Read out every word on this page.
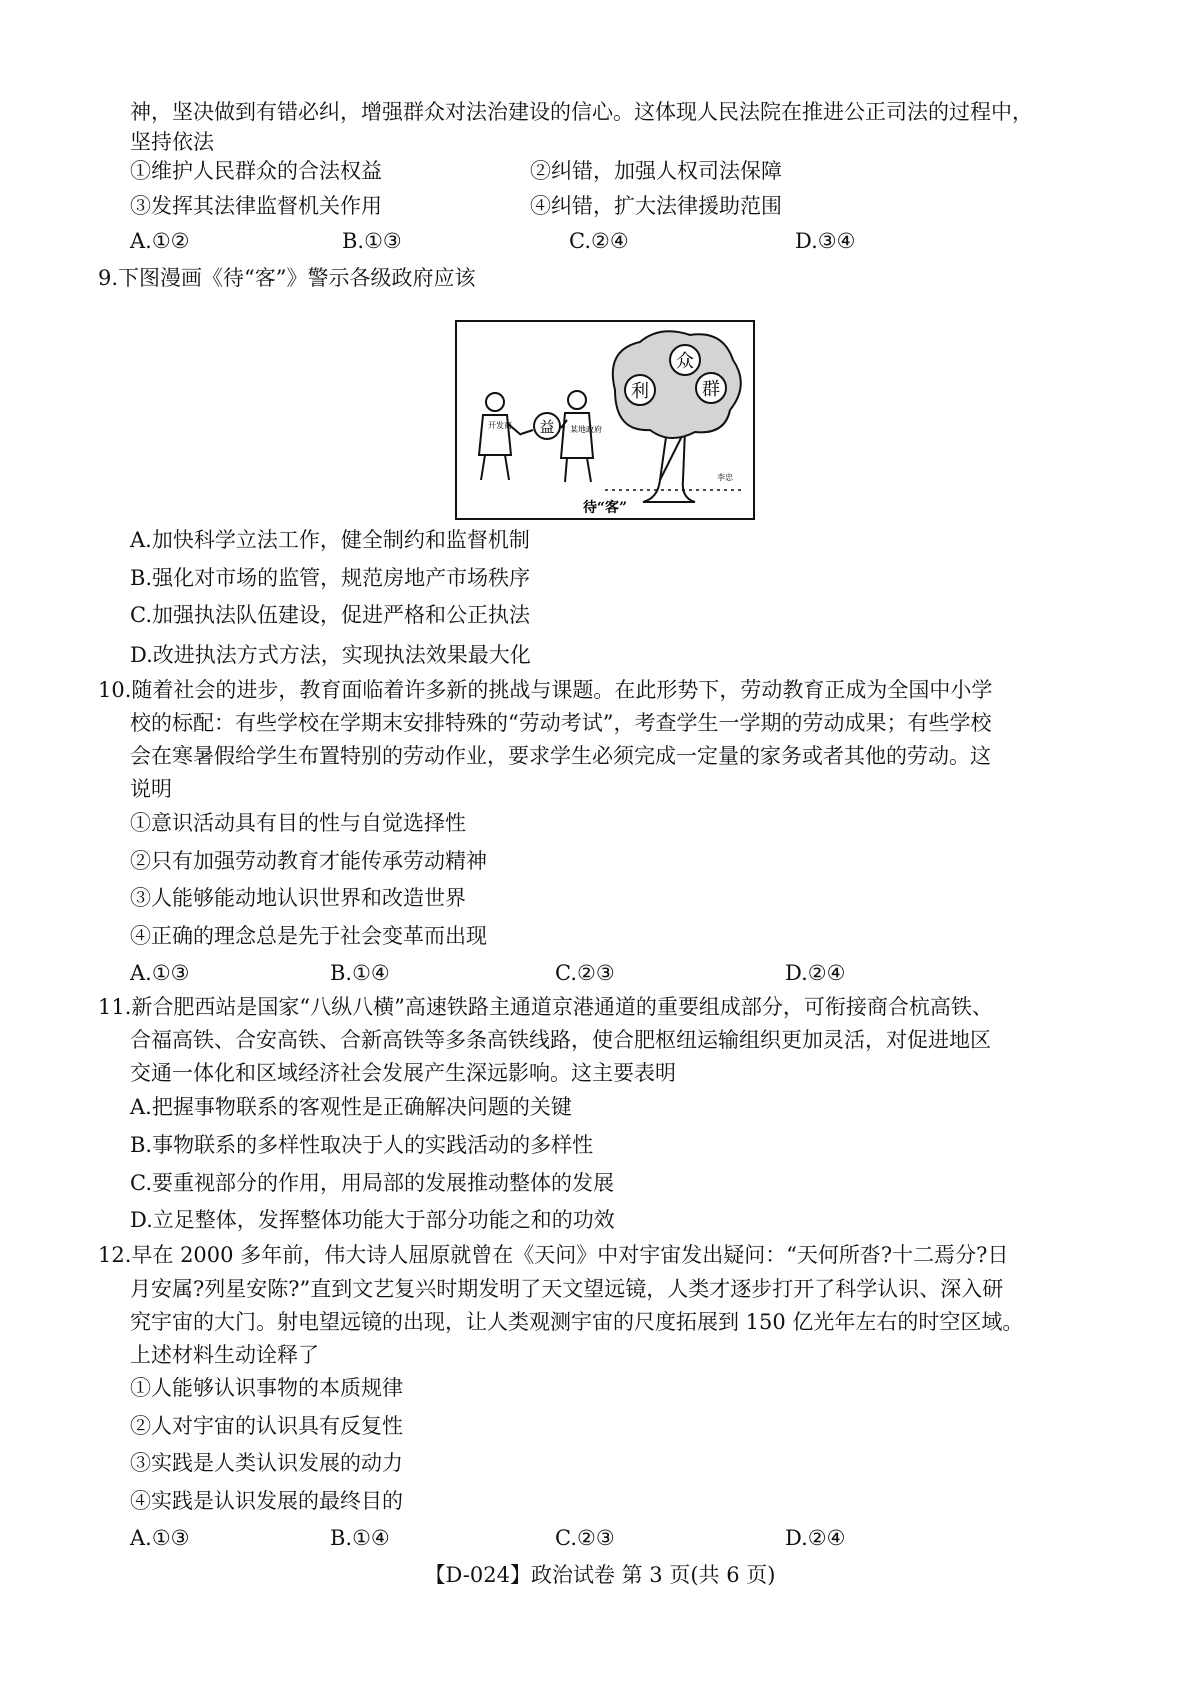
神，坚决做到有错必纠，增强群众对法治建设的信心。这体现人民法院在推进公正司法的过程中，
坚持依法
①维护人民群众的合法权益	②纠错，加强人权司法保障
③发挥其法律监督机关作用	④纠错，扩大法律援助范围
A.①②	B.①③	C.②④	D.③④
9.下图漫画《待“客”》警示各级政府应该
利
众
群
开发商	某地政府
益
李忠
待“客”
A.加快科学立法工作，健全制约和监督机制
B.强化对市场的监管，规范房地产市场秩序
C.加强执法队伍建设，促进严格和公正执法
D.改进执法方式方法，实现执法效果最大化
10.随着社会的进步，教育面临着许多新的挑战与课题。在此形势下，劳动教育正成为全国中小学
校的标配：有些学校在学期末安排特殊的“劳动考试”，考查学生一学期的劳动成果；有些学校
会在寒暑假给学生布置特别的劳动作业，要求学生必须完成一定量的家务或者其他的劳动。这
说明
①意识活动具有目的性与自觉选择性
②只有加强劳动教育才能传承劳动精神
③人能够能动地认识世界和改造世界
④正确的理念总是先于社会变革而出现
A.①③	B.①④	C.②③	D.②④
11.新合肥西站是国家“八纵八横”高速铁路主通道京港通道的重要组成部分，可衔接商合杭高铁、
合福高铁、合安高铁、合新高铁等多条高铁线路，使合肥枢纽运输组织更加灵活，对促进地区
交通一体化和区域经济社会发展产生深远影响。这主要表明
A.把握事物联系的客观性是正确解决问题的关键
B.事物联系的多样性取决于人的实践活动的多样性
C.要重视部分的作用，用局部的发展推动整体的发展
D.立足整体，发挥整体功能大于部分功能之和的功效
12.早在 2000 多年前，伟大诗人屈原就曾在《天问》中对宇宙发出疑问：“天何所沓?十二焉分?日
月安属?列星安陈?”直到文艺复兴时期发明了天文望远镜，人类才逐步打开了科学认识、深入研
究宇宙的大门。射电望远镜的出现，让人类观测宇宙的尺度拓展到 150 亿光年左右的时空区域。
上述材料生动诠释了
①人能够认识事物的本质规律
②人对宇宙的认识具有反复性
③实践是人类认识发展的动力
④实践是认识发展的最终目的
A.①③	B.①④	C.②③	D.②④
【D-024】政治试卷 第 3 页(共 6 页)
